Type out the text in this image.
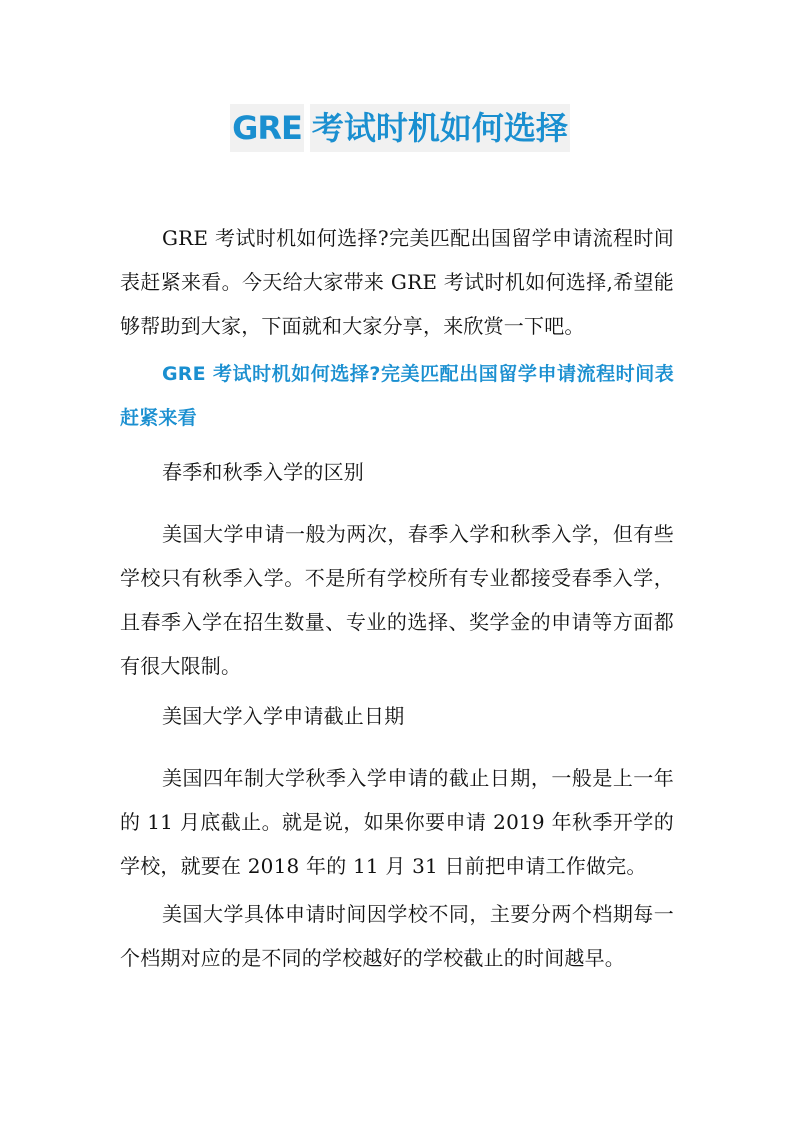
GRE 考试时机如何选择

GRE 考试时机如何选择?完美匹配出国留学申请流程时间表赶紧来看。今天给大家带来 GRE 考试时机如何选择,希望能够帮助到大家，下面就和大家分享，来欣赏一下吧。

GRE 考试时机如何选择?完美匹配出国留学申请流程时间表赶紧来看

春季和秋季入学的区别

美国大学申请一般为两次，春季入学和秋季入学，但有些学校只有秋季入学。不是所有学校所有专业都接受春季入学，且春季入学在招生数量、专业的选择、奖学金的申请等方面都有很大限制。

美国大学入学申请截止日期

美国四年制大学秋季入学申请的截止日期，一般是上一年的 11 月底截止。就是说，如果你要申请 2019 年秋季开学的学校，就要在 2018 年的 11 月 31 日前把申请工作做完。

美国大学具体申请时间因学校不同，主要分两个档期每一个档期对应的是不同的学校越好的学校截止的时间越早。
